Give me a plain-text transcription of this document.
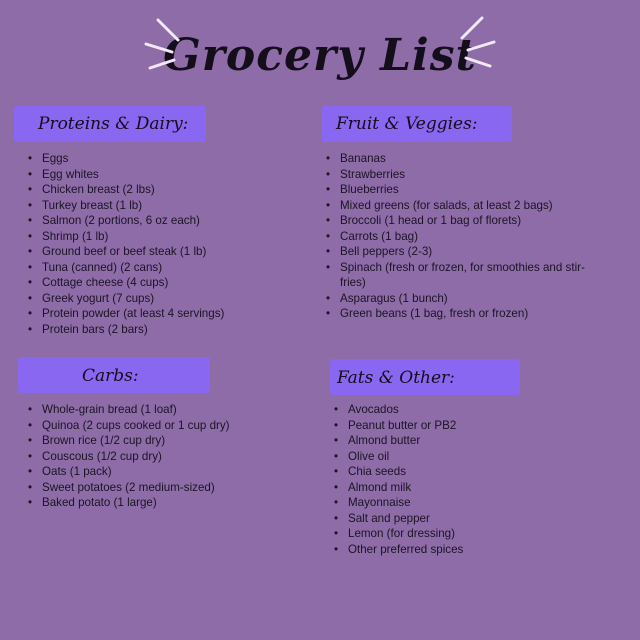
Grocery List
Proteins & Dairy:
• Eggs
• Egg whites
• Chicken breast (2 lbs)
• Turkey breast (1 lb)
• Salmon (2 portions, 6 oz each)
• Shrimp (1 lb)
• Ground beef or beef steak (1 lb)
• Tuna (canned) (2 cans)
• Cottage cheese (4 cups)
• Greek yogurt (7 cups)
• Protein powder (at least 4 servings)
• Protein bars (2 bars)
Fruit & Veggies:
• Bananas
• Strawberries
• Blueberries
• Mixed greens (for salads, at least 2 bags)
• Broccoli (1 head or 1 bag of florets)
• Carrots (1 bag)
• Bell peppers (2-3)
• Spinach (fresh or frozen, for smoothies and stir-fries)
• Asparagus (1 bunch)
• Green beans (1 bag, fresh or frozen)
Carbs:
• Whole-grain bread (1 loaf)
• Quinoa (2 cups cooked or 1 cup dry)
• Brown rice (1/2 cup dry)
• Couscous (1/2 cup dry)
• Oats (1 pack)
• Sweet potatoes (2 medium-sized)
• Baked potato (1 large)
Fats & Other:
• Avocados
• Peanut butter or PB2
• Almond butter
• Olive oil
• Chia seeds
• Almond milk
• Mayonnaise
• Salt and pepper
• Lemon (for dressing)
• Other preferred spices
